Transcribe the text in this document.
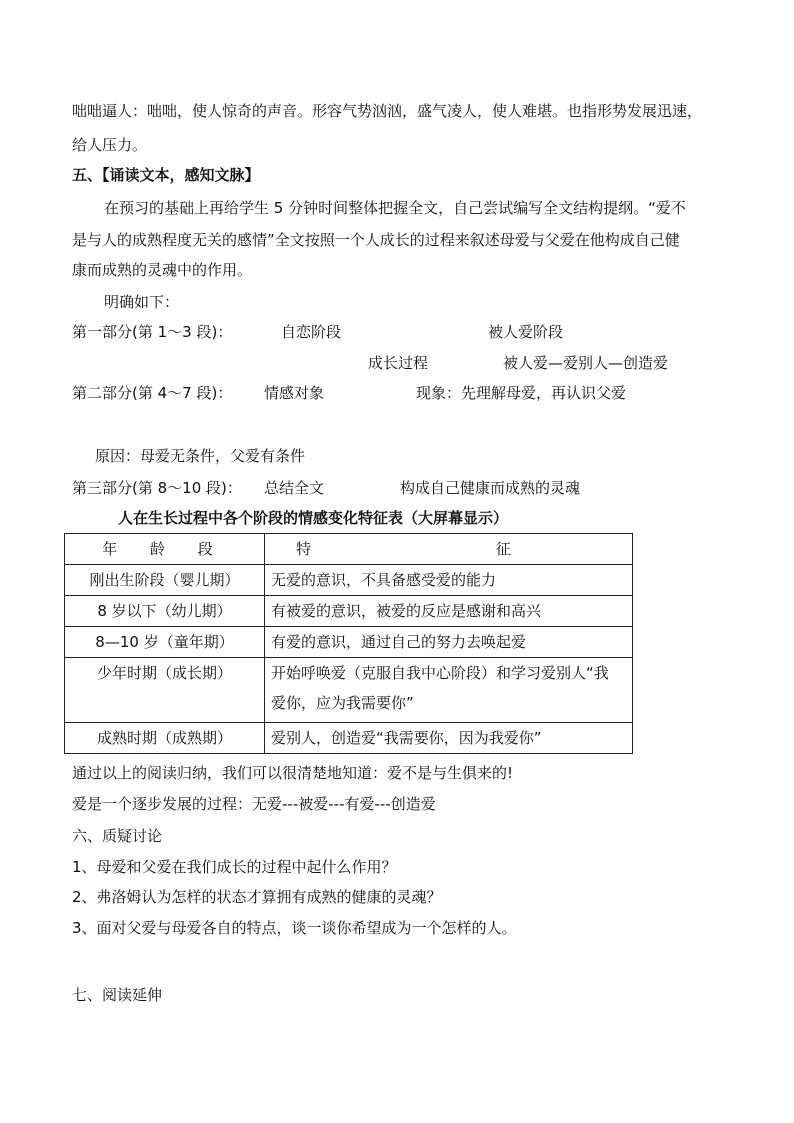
咄咄逼人：咄咄，使人惊奇的声音。形容气势汹汹，盛气凌人，使人难堪。也指形势发展迅速，
给人压力。
五、【诵读文本，感知文脉】
在预习的基础上再给学生 5 分钟时间整体把握全文，自己尝试编写全文结构提纲。“爱不
是与人的成熟程度无关的感情”全文按照一个人成长的过程来叙述母爱与父爱在他构成自己健
康而成熟的灵魂中的作用。
明确如下：
第一部分(第 1～3 段)：	自恋阶段	被人爱阶段
成长过程	被人爱—爱别人—创造爱
第二部分(第 4～7 段)： 情感对象	现象：先理解母爱，再认识父爱
原因：母爱无条件，父爱有条件
第三部分(第 8～10 段)： 总结全文	构成自己健康而成熟的灵魂
人在生长过程中各个阶段的情感变化特征表（大屏幕显示）
年 龄 段	特 征
刚出生阶段（婴儿期）	无爱的意识，不具备感受爱的能力
8 岁以下（幼儿期）	有被爱的意识，被爱的反应是感谢和高兴
8—10 岁（童年期）	有爱的意识，通过自己的努力去唤起爱
少年时期（成长期）	开始呼唤爱（克服自我中心阶段）和学习爱别人“我
爱你，应为我需要你”

成熟时期（成熟期）	爱别人，创造爱“我需要你，因为我爱你”
通过以上的阅读归纳，我们可以很清楚地知道：爱不是与生俱来的!
爱是一个逐步发展的过程：无爱---被爱---有爱---创造爱
六、质疑讨论
1、母爱和父爱在我们成长的过程中起什么作用？
2、弗洛姆认为怎样的状态才算拥有成熟的健康的灵魂？
3、面对父爱与母爱各自的特点，谈一谈你希望成为一个怎样的人。
七、阅读延伸
